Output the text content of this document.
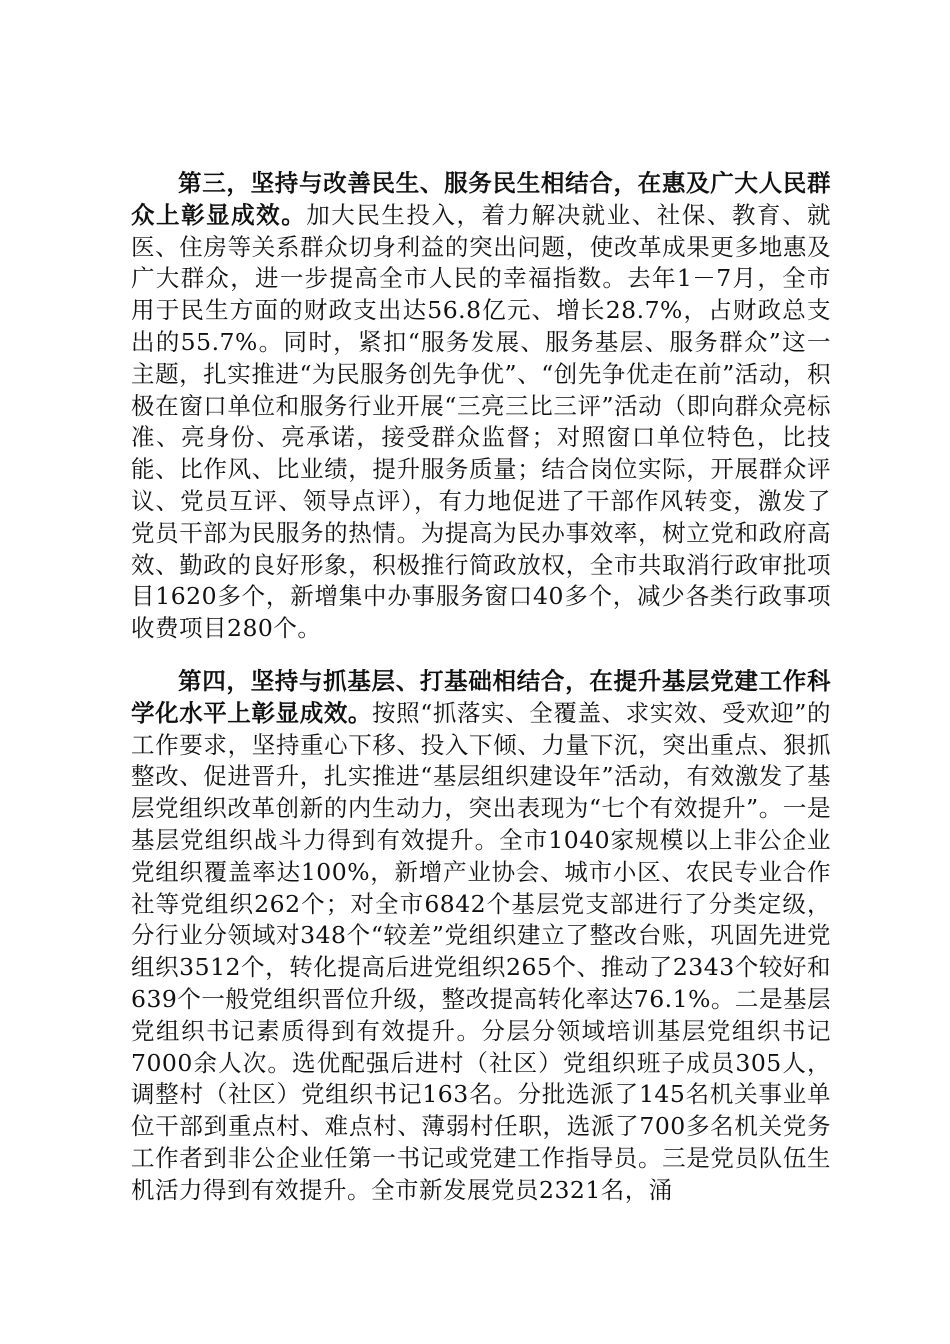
第三，坚持与改善民生、服务民生相结合，在惠及广大人民群众上彰显成效。加大民生投入，着力解决就业、社保、教育、就医、住房等关系群众切身利益的突出问题，使改革成果更多地惠及广大群众，进一步提高全市人民的幸福指数。去年1－7月，全市用于民生方面的财政支出达56.8亿元、增长28.7%，占财政总支出的55.7%。同时，紧扣“服务发展、服务基层、服务群众”这一主题，扎实推进“为民服务创先争优”、“创先争优走在前”活动，积极在窗口单位和服务行业开展“三亮三比三评”活动（即向群众亮标准、亮身份、亮承诺，接受群众监督；对照窗口单位特色，比技能、比作风、比业绩，提升服务质量；结合岗位实际，开展群众评议、党员互评、领导点评），有力地促进了干部作风转变，激发了党员干部为民服务的热情。为提高为民办事效率，树立党和政府高效、勤政的良好形象，积极推行简政放权，全市共取消行政审批项目1620多个，新增集中办事服务窗口40多个，减少各类行政事项收费项目280个。

第四，坚持与抓基层、打基础相结合，在提升基层党建工作科学化水平上彰显成效。按照“抓落实、全覆盖、求实效、受欢迎”的工作要求，坚持重心下移、投入下倾、力量下沉，突出重点、狠抓整改、促进晋升，扎实推进“基层组织建设年”活动，有效激发了基层党组织改革创新的内生动力，突出表现为“七个有效提升”。一是基层党组织战斗力得到有效提升。全市1040家规模以上非公企业党组织覆盖率达100%，新增产业协会、城市小区、农民专业合作社等党组织262个；对全市6842个基层党支部进行了分类定级，分行业分领域对348个“较差”党组织建立了整改台账，巩固先进党组织3512个，转化提高后进党组织265个、推动了2343个较好和639个一般党组织晋位升级，整改提高转化率达76.1%。二是基层党组织书记素质得到有效提升。分层分领域培训基层党组织书记7000余人次。选优配强后进村（社区）党组织班子成员305人，调整村（社区）党组织书记163名。分批选派了145名机关事业单位干部到重点村、难点村、薄弱村任职，选派了700多名机关党务工作者到非公企业任第一书记或党建工作指导员。三是党员队伍生机活力得到有效提升。全市新发展党员2321名，涌
